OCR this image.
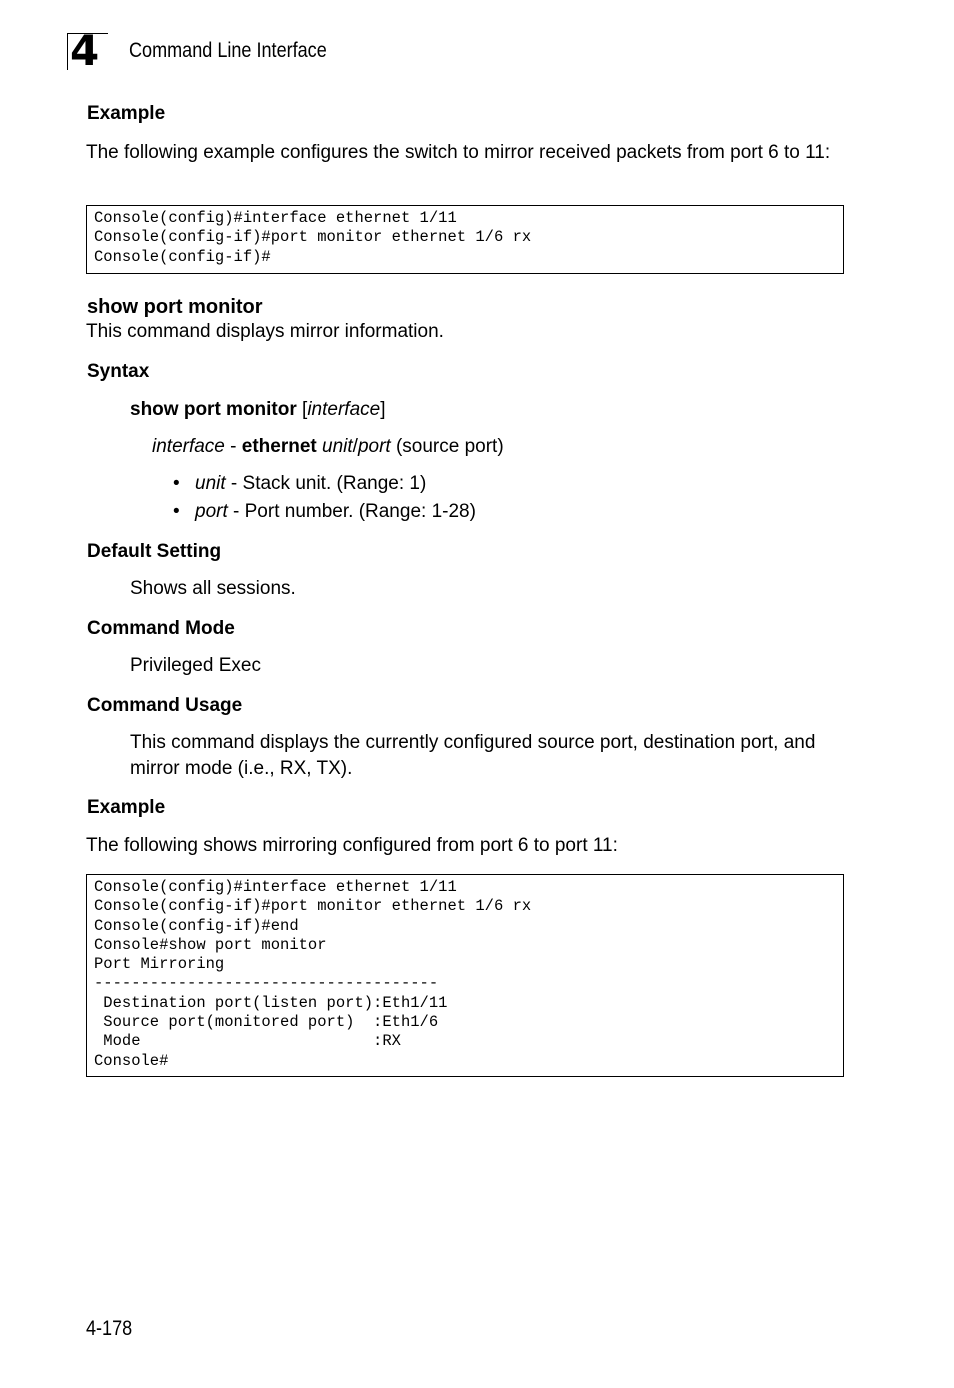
4 Command Line Interface
Example
The following example configures the switch to mirror received packets from port 6 to 11:
Console(config)#interface ethernet 1/11
Console(config-if)#port monitor ethernet 1/6 rx
Console(config-if)#
show port monitor
This command displays mirror information.
Syntax
show port monitor [interface]
interface - ethernet unit/port (source port)
• unit - Stack unit. (Range: 1)
• port - Port number. (Range: 1-28)
Default Setting
Shows all sessions.
Command Mode
Privileged Exec
Command Usage
This command displays the currently configured source port, destination port, and mirror mode (i.e., RX, TX).
Example
The following shows mirroring configured from port 6 to port 11:
Console(config)#interface ethernet 1/11
Console(config-if)#port monitor ethernet 1/6 rx
Console(config-if)#end
Console#show port monitor
Port Mirroring
-------------------------------------
Destination port(listen port):Eth1/11
Source port(monitored port)  :Eth1/6
Mode                         :RX
Console#
4-178
